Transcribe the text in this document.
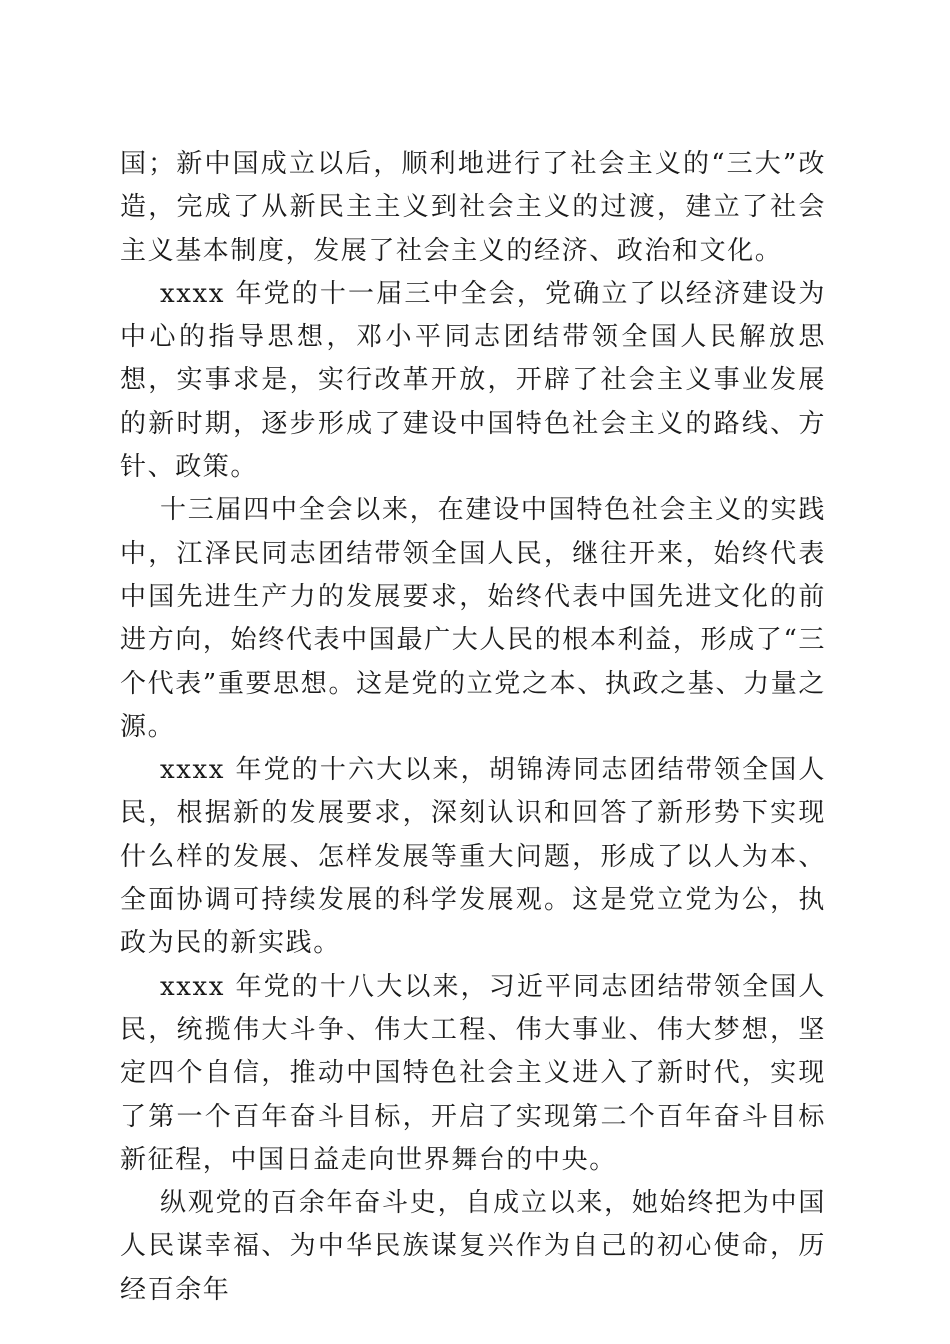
国；新中国成立以后，顺利地进行了社会主义的“三大”改造，完成了从新民主主义到社会主义的过渡，建立了社会主义基本制度，发展了社会主义的经济、政治和文化。

xxxx 年党的十一届三中全会，党确立了以经济建设为中心的指导思想，邓小平同志团结带领全国人民解放思想，实事求是，实行改革开放，开辟了社会主义事业发展的新时期，逐步形成了建设中国特色社会主义的路线、方针、政策。

十三届四中全会以来，在建设中国特色社会主义的实践中，江泽民同志团结带领全国人民，继往开来，始终代表中国先进生产力的发展要求，始终代表中国先进文化的前进方向，始终代表中国最广大人民的根本利益，形成了“三个代表”重要思想。这是党的立党之本、执政之基、力量之源。

xxxx 年党的十六大以来，胡锦涛同志团结带领全国人民，根据新的发展要求，深刻认识和回答了新形势下实现什么样的发展、怎样发展等重大问题，形成了以人为本、全面协调可持续发展的科学发展观。这是党立党为公，执政为民的新实践。

xxxx 年党的十八大以来，习近平同志团结带领全国人民，统揽伟大斗争、伟大工程、伟大事业、伟大梦想，坚定四个自信，推动中国特色社会主义进入了新时代，实现了第一个百年奋斗目标，开启了实现第二个百年奋斗目标新征程，中国日益走向世界舞台的中央。

纵观党的百余年奋斗史，自成立以来，她始终把为中国人民谋幸福、为中华民族谋复兴作为自己的初心使命，历经百余年
